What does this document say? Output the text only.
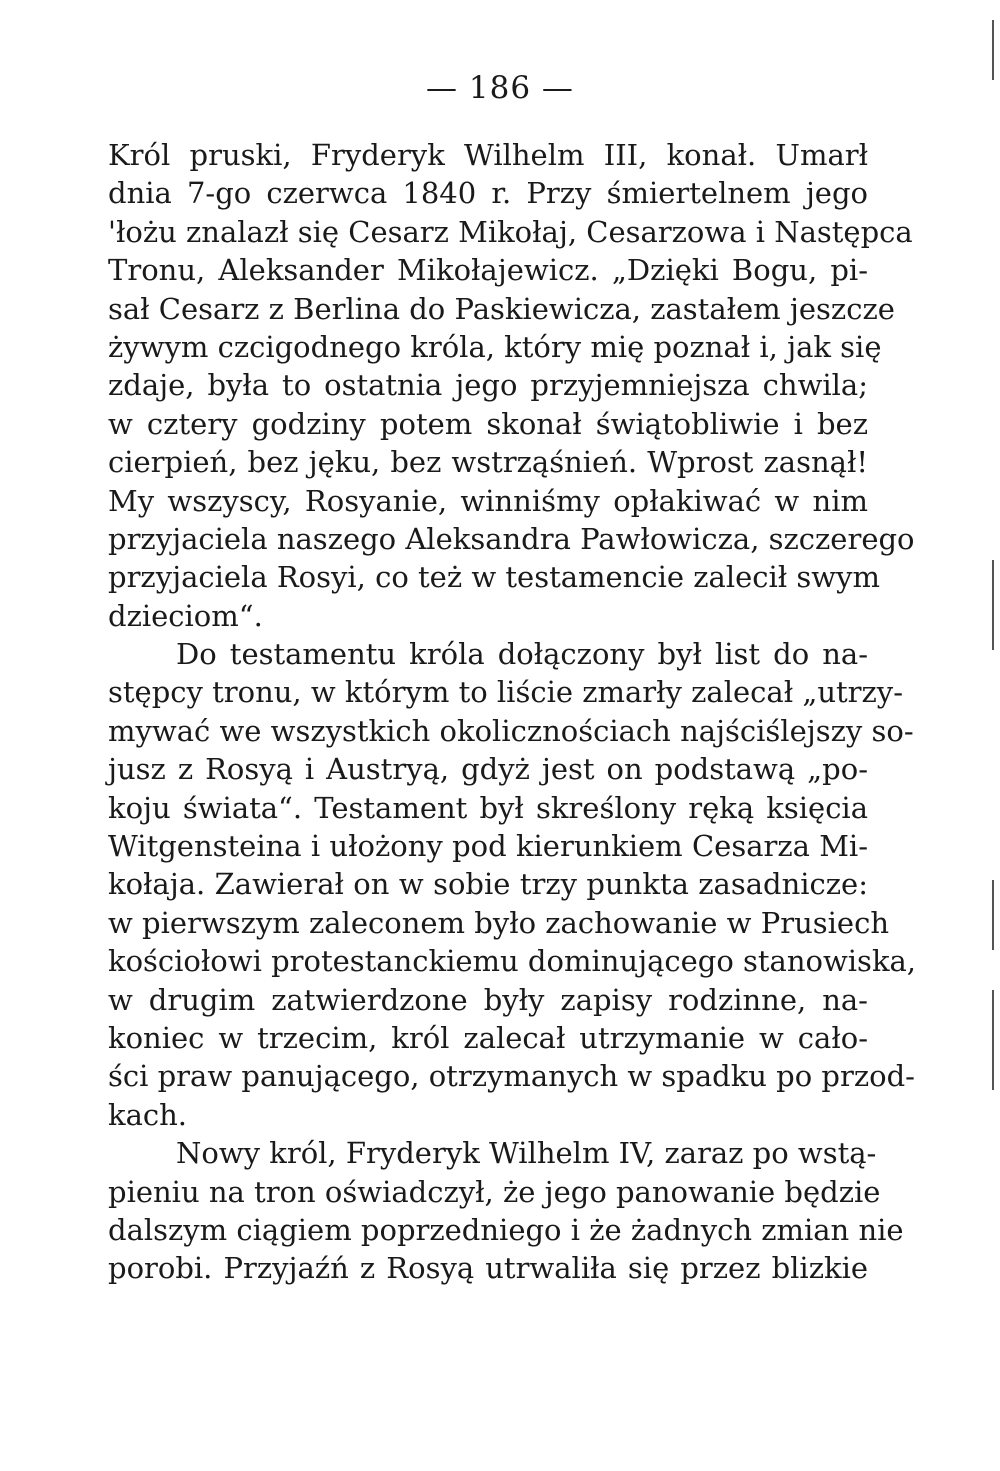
— 186 —
Król pruski, Fryderyk Wilhelm III, konał. Umarł
dnia 7-go czerwca 1840 r. Przy śmiertelnem jego
'łożu znalazł się Cesarz Mikołaj, Cesarzowa i Następca
Tronu, Aleksander Mikołajewicz. „Dzięki Bogu, pi-
sał Cesarz z Berlina do Paskiewicza, zastałem jeszcze
żywym czcigodnego króla, który mię poznał i, jak się
zdaje, była to ostatnia jego przyjemniejsza chwila;
w cztery godziny potem skonał świątobliwie i bez
cierpień, bez jęku, bez wstrząśnień. Wprost zasnął!
My wszyscy, Rosyanie, winniśmy opłakiwać w nim
przyjaciela naszego Aleksandra Pawłowicza, szczerego
przyjaciela Rosyi, co też w testamencie zalecił swym
dzieciom“.
Do testamentu króla dołączony był list do na-
stępcy tronu, w którym to liście zmarły zalecał „utrzy-
mywać we wszystkich okolicznościach najściślejszy so-
jusz z Rosyą i Austryą, gdyż jest on podstawą „po-
koju świata“. Testament był skreślony ręką księcia
Witgensteina i ułożony pod kierunkiem Cesarza Mi-
kołaja. Zawierał on w sobie trzy punkta zasadnicze:
w pierwszym zaleconem było zachowanie w Prusiech
kościołowi protestanckiemu dominującego stanowiska,
w drugim zatwierdzone były zapisy rodzinne, na-
koniec w trzecim, król zalecał utrzymanie w cało-
ści praw panującego, otrzymanych w spadku po przod-
kach.
Nowy król, Fryderyk Wilhelm IV, zaraz po wstą-
pieniu na tron oświadczył, że jego panowanie będzie
dalszym ciągiem poprzedniego i że żadnych zmian nie
porobi. Przyjaźń z Rosyą utrwaliła się przez blizkie
